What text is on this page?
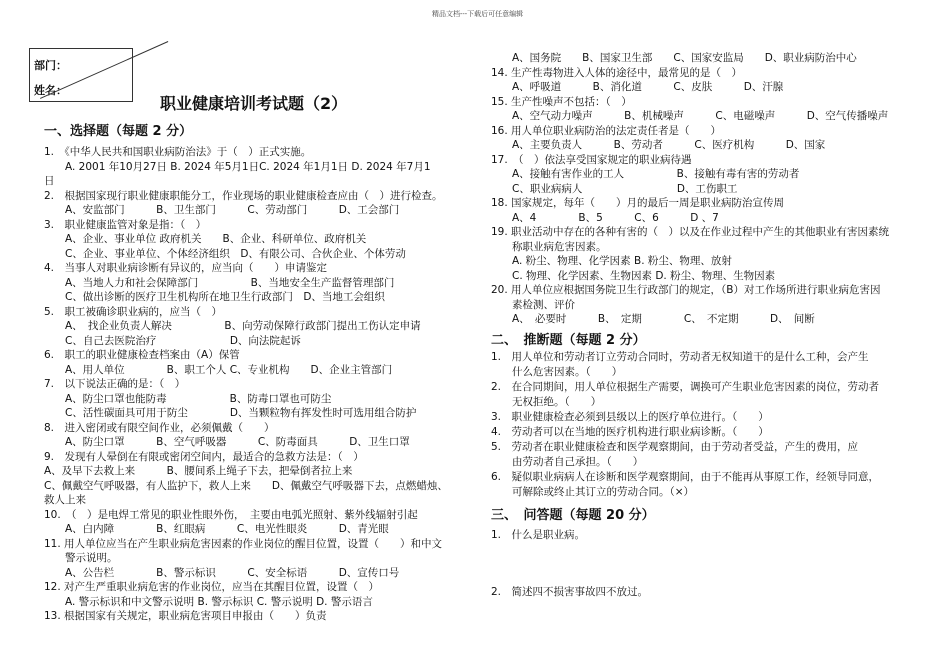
精品文档---下载后可任意编辑
部门：
姓名：
职业健康培训考试题（2）
一、选择题（每题 2 分）
1.　《中华人民共和国职业病防治法》于（　）正式实施。
　　A. 2001 年10月27日 B. 2024 年5月1日C. 2024 年1月1日 D. 2024 年7月1
日
2.　根据国家现行职业健康职能分工，作业现场的职业健康检查应由（　）进行检查。
　　A、安监部门　　　B、卫生部门　　　C、劳动部门　　　D、工会部门
3.　职业健康监管对象是指：（　）
　　A、企业、事业单位 政府机关　　B、企业、科研单位、政府机关
　　C、企业、事业单位、个体经济组织　D、有限公司、合伙企业、个体劳动
4.　当事人对职业病诊断有异议的，应当向（　　）申请鉴定
　　A、当地人力和社会保障部门　　　　　B、当地安全生产监督管理部门
　　C、做出诊断的医疗卫生机构所在地卫生行政部门　D、当地工会组织
5.　职工被确诊职业病的，应当（　）
　　A、　找企业负责人解决　　　　　B、向劳动保障行政部门提出工伤认定申请
　　C、自己去医院治疗　　　　　　　D、向法院起诉
6.　职工的职业健康检查档案由（A）保管
　　A、用人单位　　　　B、职工个人 C、专业机构　　D、企业主管部门
7.　以下说法正确的是：（　）
　　A、防尘口罩也能防毒　　　　　　B、防毒口罩也可防尘
　　C、活性碳面具可用于防尘　　　　D、当颗粒物有挥发性时可选用组合防护
8.　进入密闭或有限空间作业，必须佩戴（　　）
　　A、防尘口罩　　　B、空气呼吸器　　　C、防毒面具　　　D、卫生口罩
9.　发现有人晕倒在有限或密闭空间内，最适合的急救方法是：（　）
A、及早下去救上来　　　B、腰间系上绳子下去，把晕倒者拉上来
C、佩戴空气呼吸器，有人监护下，救人上来　　D、佩戴空气呼吸器下去，点燃蜡烛、
救人上来
10.　（　）是电焊工常见的职业性眼外伤，　主要由电弧光照射、紫外线辐射引起
　　A、白内障　　　　B、红眼病　　　C、电光性眼炎　　　D、青光眼
11. 用人单位应当在产生职业病危害因素的作业岗位的醒目位置，设置（　　）和中文
　　警示说明。
　　A、公告栏　　　　B、警示标识　　　C、安全标语　　　D、宣传口号
12. 对产生严重职业病危害的作业岗位，应当在其醒目位置，设置（　）
　　A. 警示标识和中文警示说明 B. 警示标识 C. 警示说明 D. 警示语言
13. 根据国家有关规定，职业病危害项目申报由（　　）负责
　　A、国务院　　B、国家卫生部　　C、国家安监局　　D、职业病防治中心
14. 生产性毒物进入人体的途径中，最常见的是（　）
　　A、呼吸道　　　B、消化道　　　C、皮肤　　　D、汗腺
15. 生产性噪声不包括：（　）
　　A、空气动力噪声　　　B、机械噪声　　　C、电磁噪声　　　D、空气传播噪声
16. 用人单位职业病防治的法定责任者是（　　）
　　A、主要负责人　　　B、劳动者　　　C、医疗机构　　　D、国家
17.　（　）依法享受国家规定的职业病待遇
　　A、接触有害作业的工人　　　　　B、接触有毒有害的劳动者
　　C、职业病病人　　　　　　　　　D、工伤职工
18. 国家规定，每年（　　）月的最后一周是职业病防治宣传周
　　A、4　　　　B、5　　　C、6　　　D 、7
19. 职业活动中存在的各种有害的（　）以及在作业过程中产生的其他职业有害因素统
　　称职业病危害因素。
　　A. 粉尘、物理、化学因素 B. 粉尘、物理、放射
　　C. 物理、化学因素、生物因素 D. 粉尘、物理、生物因素
20. 用人单位应根据国务院卫生行政部门的规定，（B）对工作场所进行职业病危害因
　　素检测、评价
　　A、　必要时　　　B、　定期　　　　C、　不定期　　　D、　间断
二、　推断题（每题 2 分）
1.　用人单位和劳动者订立劳动合同时，劳动者无权知道干的是什么工种，会产生
　　什么危害因素。（　　）
2.　在合同期间，用人单位根据生产需要，调换可产生职业危害因素的岗位，劳动者
　　无权拒绝。（　　）
3.　职业健康检查必须到县级以上的医疗单位进行。（　　）
4.　劳动者可以在当地的医疗机构进行职业病诊断。（　　）
5.　劳动者在职业健康检查和医学观察期间，由于劳动者受益，产生的费用，应
　　由劳动者自己承担。（　　）
6.　疑似职业病病人在诊断和医学观察期间，由于不能再从事原工作，经领导同意，
　　可解除或终止其订立的劳动合同。（×）
三、　问答题（每题 20 分）
1.　什么是职业病。
2.　简述四不损害事故四不放过。
